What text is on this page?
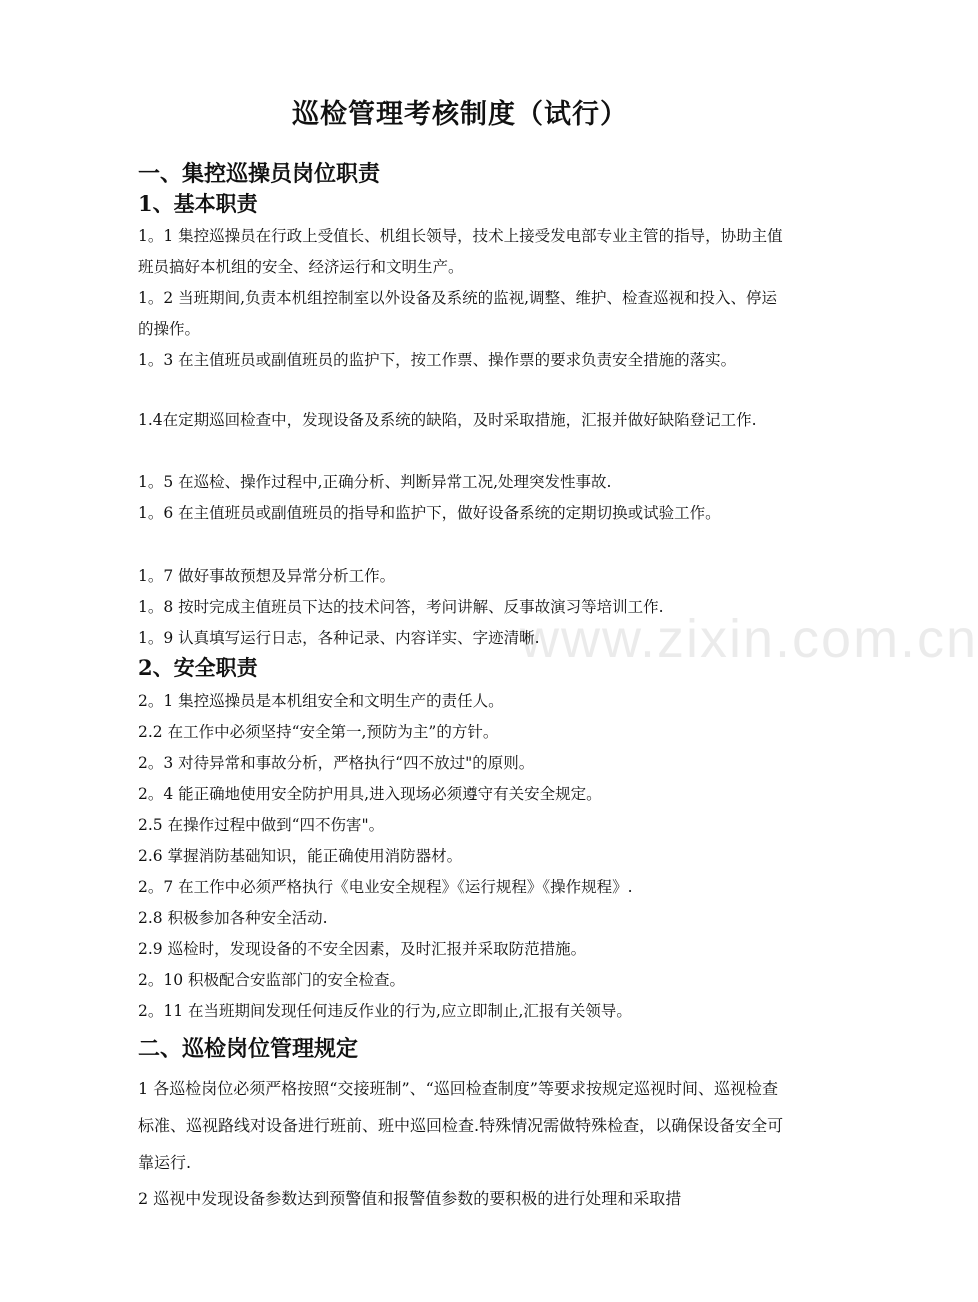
巡检管理考核制度（试行）
一、集控巡操员岗位职责
1、基本职责
1。1 集控巡操员在行政上受值长、机组长领导，技术上接受发电部专业主管的指导，协助主值班员搞好本机组的安全、经济运行和文明生产。
1。2 当班期间,负责本机组控制室以外设备及系统的监视,调整、维护、检查巡视和投入、停运的操作。
1。3 在主值班员或副值班员的监护下，按工作票、操作票的要求负责安全措施的落实。
1.4在定期巡回检查中，发现设备及系统的缺陷，及时采取措施，汇报并做好缺陷登记工作.
1。5 在巡检、操作过程中,正确分析、判断异常工况,处理突发性事故.
1。6 在主值班员或副值班员的指导和监护下，做好设备系统的定期切换或试验工作。
1。7 做好事故预想及异常分析工作。
1。8 按时完成主值班员下达的技术问答，考问讲解、反事故演习等培训工作.
1。9 认真填写运行日志，各种记录、内容详实、字迹清晰.
2、安全职责
2。1 集控巡操员是本机组安全和文明生产的责任人。
2.2 在工作中必须坚持“安全第一,预防为主”的方针。
2。3 对待异常和事故分析，严格执行“四不放过"的原则。
2。4 能正确地使用安全防护用具,进入现场必须遵守有关安全规定。
2.5 在操作过程中做到“四不伤害"。
2.6 掌握消防基础知识，能正确使用消防器材。
2。7 在工作中必须严格执行《电业安全规程》《运行规程》《操作规程》.
2.8 积极参加各种安全活动.
2.9 巡检时，发现设备的不安全因素，及时汇报并采取防范措施。
2。10 积极配合安监部门的安全检查。
2。11 在当班期间发现任何违反作业的行为,应立即制止,汇报有关领导。
二、巡检岗位管理规定
1 各巡检岗位必须严格按照“交接班制”、“巡回检查制度”等要求按规定巡视时间、巡视检查标准、巡视路线对设备进行班前、班中巡回检查.特殊情况需做特殊检查，以确保设备安全可靠运行.
2 巡视中发现设备参数达到预警值和报警值参数的要积极的进行处理和采取措
www.zixin.com.cn
